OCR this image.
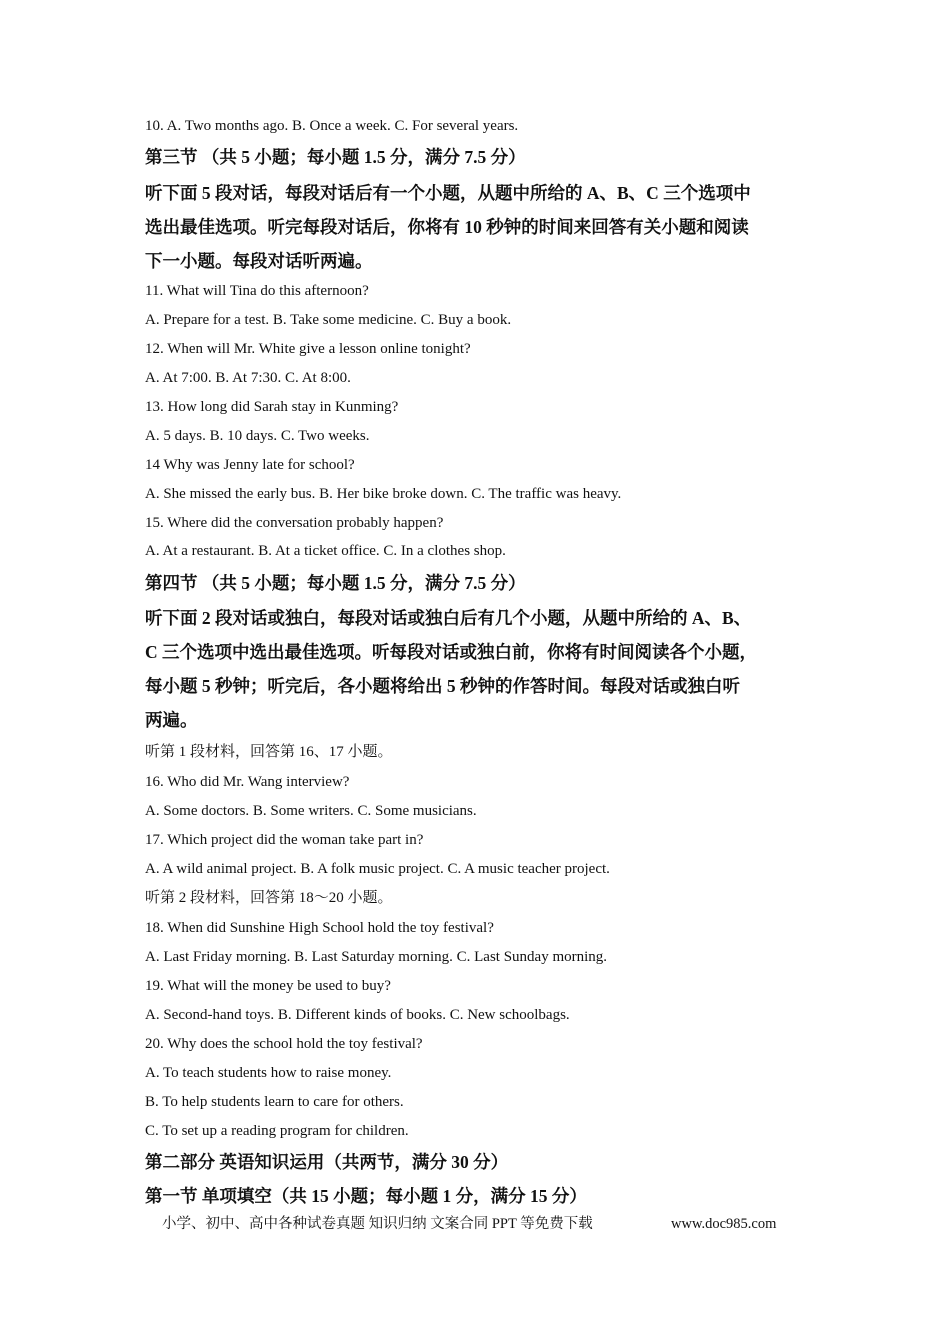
10. A. Two months ago. B. Once a week. C. For several years.
第三节 （共 5 小题；每小题 1.5 分，满分 7.5 分）
听下面 5 段对话，每段对话后有一个小题，从题中所给的 A、B、C 三个选项中
选出最佳选项。听完每段对话后，你将有 10 秒钟的时间来回答有关小题和阅读
下一小题。每段对话听两遍。
11. What will Tina do this afternoon?
A. Prepare for a test. B. Take some medicine. C. Buy a book.
12. When will Mr. White give a lesson online tonight?
A. At 7:00. B. At 7:30. C. At 8:00.
13. How long did Sarah stay in Kunming?
A. 5 days. B. 10 days. C. Two weeks.
14 Why was Jenny late for school?
A. She missed the early bus. B. Her bike broke down. C. The traffic was heavy.
15. Where did the conversation probably happen?
A. At a restaurant. B. At a ticket office. C. In a clothes shop.
第四节 （共 5 小题；每小题 1.5 分，满分 7.5 分）
听下面 2 段对话或独白，每段对话或独白后有几个小题，从题中所给的 A、B、
C 三个选项中选出最佳选项。听每段对话或独白前，你将有时间阅读各个小题，
每小题 5 秒钟；听完后，各小题将给出 5 秒钟的作答时间。每段对话或独白听
两遍。
听第 1 段材料，回答第 16、17 小题。
16. Who did Mr. Wang interview?
A. Some doctors. B. Some writers. C. Some musicians.
17. Which project did the woman take part in?
A. A wild animal project. B. A folk music project. C. A music teacher project.
听第 2 段材料，回答第 18～20 小题。
18. When did Sunshine High School hold the toy festival?
A. Last Friday morning. B. Last Saturday morning. C. Last Sunday morning.
19. What will the money be used to buy?
A. Second-hand toys. B. Different kinds of books. C. New schoolbags.
20. Why does the school hold the toy festival?
A. To teach students how to raise money.
B. To help students learn to care for others.
C. To set up a reading program for children.
第二部分 英语知识运用（共两节，满分 30 分）
第一节 单项填空（共 15 小题；每小题 1 分，满分 15 分）
小学、初中、高中各种试卷真题 知识归纳 文案合同 PPT 等免费下载	www.doc985.com
